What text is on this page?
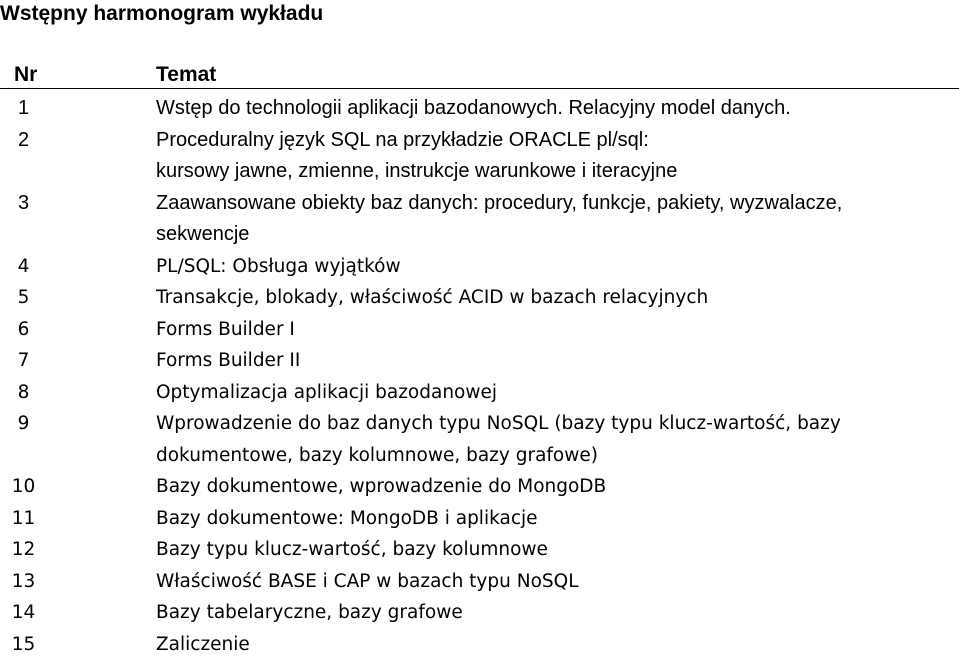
Wstępny harmonogram wykładu
Nr	Temat
1	Wstęp do technologii aplikacji bazodanowych. Relacyjny model danych.
2	Proceduralny język SQL na przykładzie ORACLE pl/sql:
kursowy jawne, zmienne, instrukcje warunkowe i iteracyjne
3	Zaawansowane obiekty baz danych: procedury, funkcje, pakiety, wyzwalacze,
sekwencje
4	PL/SQL: Obsługa wyjątków
5	Transakcje, blokady, właściwość ACID w bazach relacyjnych
6	Forms Builder I
7	Forms Builder II
8	Optymalizacja aplikacji bazodanowej
9	Wprowadzenie do baz danych typu NoSQL (bazy typu klucz-wartość, bazy
dokumentowe, bazy kolumnowe, bazy grafowe)
10	Bazy dokumentowe, wprowadzenie do MongoDB
11	Bazy dokumentowe: MongoDB i aplikacje
12	Bazy typu klucz-wartość, bazy kolumnowe
13	Właściwość BASE i CAP w bazach typu NoSQL
14	Bazy tabelaryczne, bazy grafowe
15	Zaliczenie
